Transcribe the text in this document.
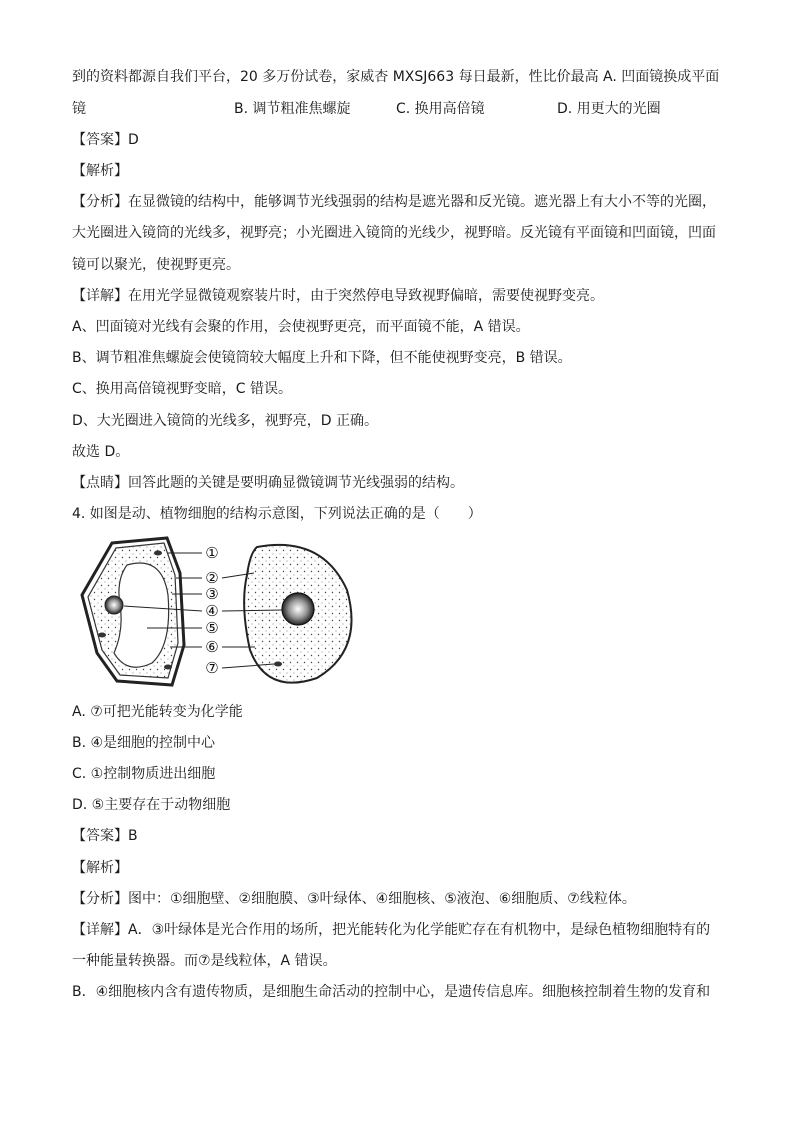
到的资料都源自我们平台，20 多万份试卷，家威杏 MXSJ663 每日最新，性比价最高 A. 凹面镜换成平面
镜	B. 调节粗准焦螺旋	C. 换用高倍镜	D. 用更大的光圈
【答案】D
【解析】
【分析】在显微镜的结构中，能够调节光线强弱的结构是遮光器和反光镜。遮光器上有大小不等的光圈，
大光圈进入镜筒的光线多，视野亮；小光圈进入镜筒的光线少，视野暗。反光镜有平面镜和凹面镜，凹面
镜可以聚光，使视野更亮。
【详解】在用光学显微镜观察装片时，由于突然停电导致视野偏暗，需要使视野变亮。
A、凹面镜对光线有会聚的作用，会使视野更亮，而平面镜不能，A 错误。
B、调节粗准焦螺旋会使镜筒较大幅度上升和下降，但不能使视野变亮，B 错误。
C、换用高倍镜视野变暗，C 错误。
D、大光圈进入镜筒的光线多，视野亮，D 正确。
故选 D。
【点睛】回答此题的关键是要明确显微镜调节光线强弱的结构。
4. 如图是动、植物细胞的结构示意图，下列说法正确的是（　　）
①
②
③
④
⑤
⑥
⑦
A. ⑦可把光能转变为化学能
B. ④是细胞的控制中心
C. ①控制物质进出细胞
D. ⑤主要存在于动物细胞
【答案】B
【解析】
【分析】图中：①细胞壁、②细胞膜、③叶绿体、④细胞核、⑤液泡、⑥细胞质、⑦线粒体。
【详解】A．③叶绿体是光合作用的场所，把光能转化为化学能贮存在有机物中，是绿色植物细胞特有的
一种能量转换器。而⑦是线粒体，A 错误。
B．④细胞核内含有遗传物质，是细胞生命活动的控制中心，是遗传信息库。细胞核控制着生物的发育和
